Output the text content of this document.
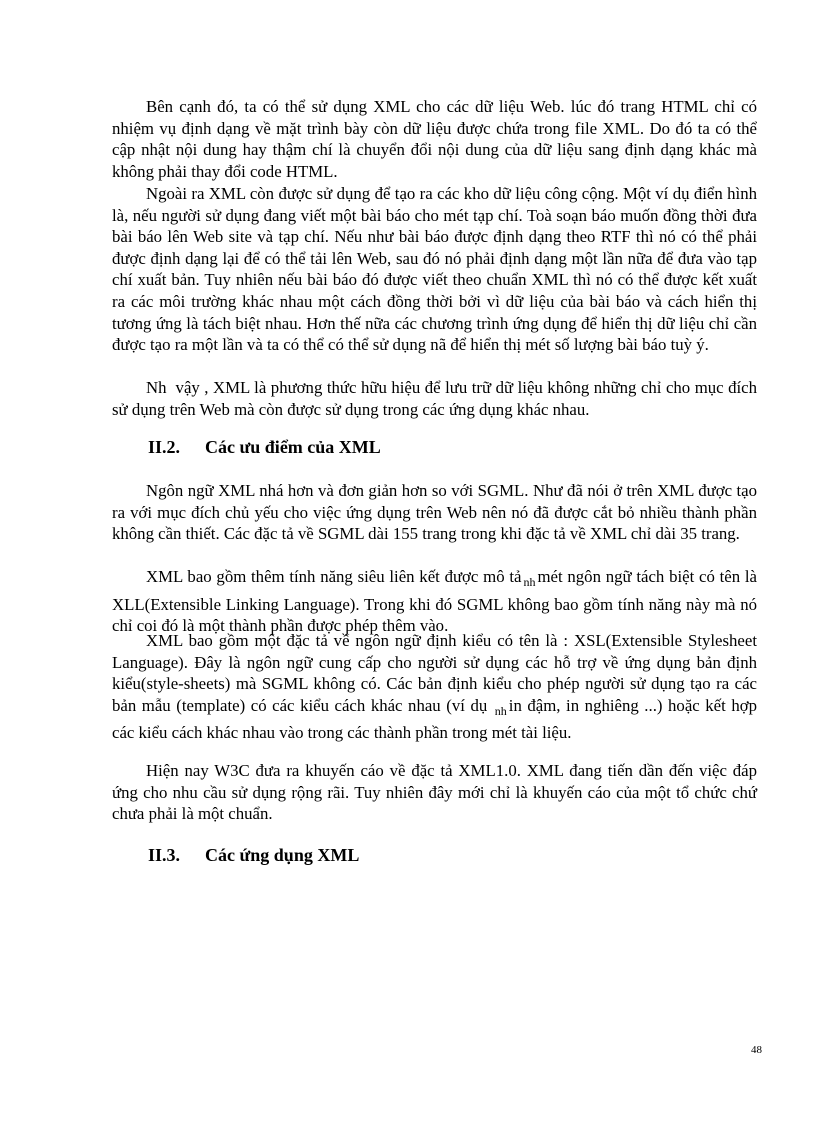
Bên cạnh đó, ta có thể sử dụng XML cho các dữ liệu Web. lúc đó trang HTML chỉ có nhiệm vụ định dạng về mặt trình bày còn dữ liệu được chứa trong file XML. Do đó ta có thể cập nhật nội dung hay thậm chí là chuyển đổi nội dung của dữ liệu sang định dạng khác mà không phải thay đổi code HTML.

Ngoài ra XML còn được sử dụng để tạo ra các kho dữ liệu công cộng. Một ví dụ điển hình là, nếu người sử dụng đang viết một bài báo cho mét tạp chí. Toà soạn báo muốn đồng thời đưa bài báo lên Web site và tạp chí. Nếu như bài báo được định dạng theo RTF thì nó có thể phải được định dạng lại để có thể tải lên Web, sau đó nó phải định dạng một lần nữa để đưa vào tạp chí xuất bản. Tuy nhiên nếu bài báo đó được viết theo chuẩn XML thì nó có thể được kết xuất ra các môi trường khác nhau một cách đồng thời bởi vì dữ liệu của bài báo và cách hiển thị tương ứng là tách biệt nhau. Hơn thế nữa các chương trình ứng dụng để hiển thị dữ liệu chỉ cần được tạo ra một lần và ta có thể có thể sử dụng nã để hiển thị mét số lượng bài báo tuỳ ý.

Nh vậy , XML là phương thức hữu hiệu để lưu trữ dữ liệu không những chỉ cho mục đích sử dụng trên Web mà còn được sử dụng trong các ứng dụng khác nhau.

II.2. Các ưu điểm của XML

Ngôn ngữ XML nhá hơn và đơn giản hơn so với SGML. Như đã nói ở trên XML được tạo ra với mục đích chủ yếu cho việc ứng dụng trên Web nên nó đã được cắt bỏ nhiều thành phần không cần thiết. Các đặc tả về SGML dài 155 trang trong khi đặc tả về XML chỉ dài 35 trang.

XML bao gồm thêm tính năng siêu liên kết được mô tả $_{nh}$ mét ngôn ngữ tách biệt có tên là XLL(Extensible Linking Language). Trong khi đó SGML không bao gồm tính năng này mà nó chỉ coi đó là một thành phần được phép thêm vào.

XML bao gồm một đặc tả về ngôn ngữ định kiểu có tên là : XSL(Extensible Stylesheet Language). Đây là ngôn ngữ cung cấp cho người sử dụng các hỗ trợ về ứng dụng bản định kiểu(style-sheets) mà SGML không có. Các bản định kiểu cho phép người sử dụng tạo ra các bản mẫu (template) có các kiểu cách khác nhau (ví dụ $_{nh}$ in đậm, in nghiêng ...) hoặc kết hợp các kiểu cách khác nhau vào trong các thành phần trong mét tài liệu.

Hiện nay W3C đưa ra khuyến cáo về đặc tả XML1.0. XML đang tiến dần đến việc đáp ứng cho nhu cầu sử dụng rộng rãi. Tuy nhiên đây mới chỉ là khuyến cáo của một tổ chức chứ chưa phải là một chuẩn.

II.3. Các ứng dụng XML
48
